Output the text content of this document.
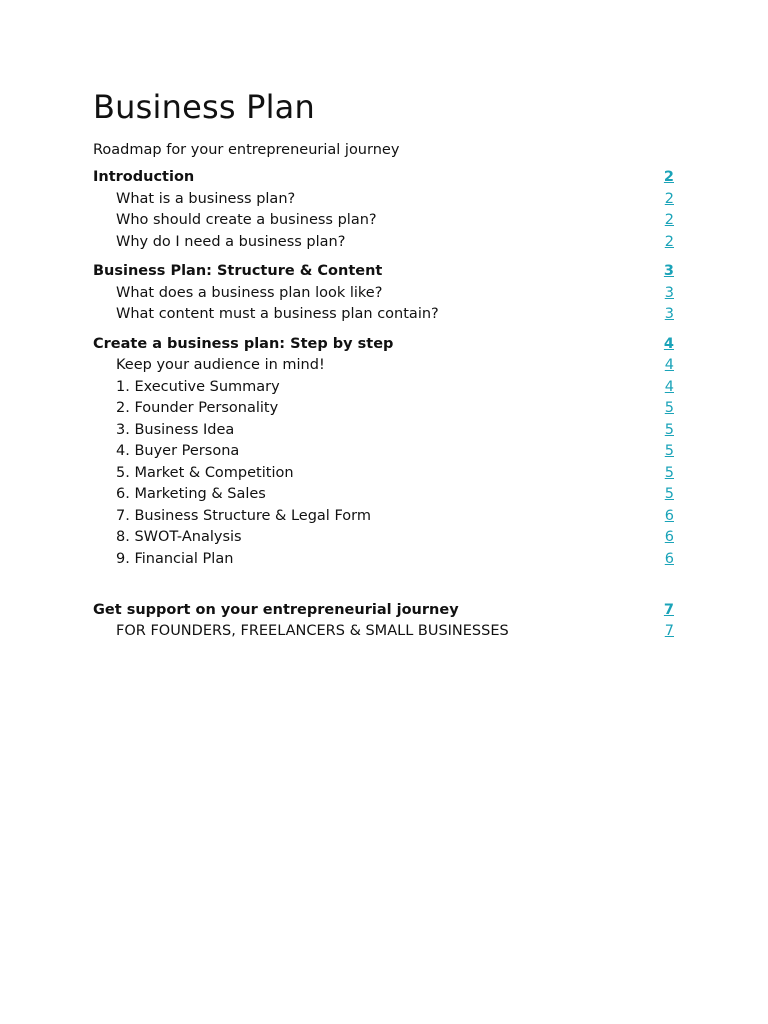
Business Plan

Roadmap for your entrepreneurial journey

Introduction	2
What is a business plan?	2
Who should create a business plan?	2
Why do I need a business plan?	2
Business Plan: Structure & Content	3
What does a business plan look like?	3
What content must a business plan contain?	3
Create a business plan: Step by step	4
Keep your audience in mind!	4
1. Executive Summary	4
2. Founder Personality	5
3. Business Idea	5
4. Buyer Persona	5
5. Market & Competition	5
6. Marketing & Sales	5
7. Business Structure & Legal Form	6
8. SWOT-Analysis	6
9. Financial Plan	6
Get support on your entrepreneurial journey	7
FOR FOUNDERS, FREELANCERS & SMALL BUSINESSES	7
